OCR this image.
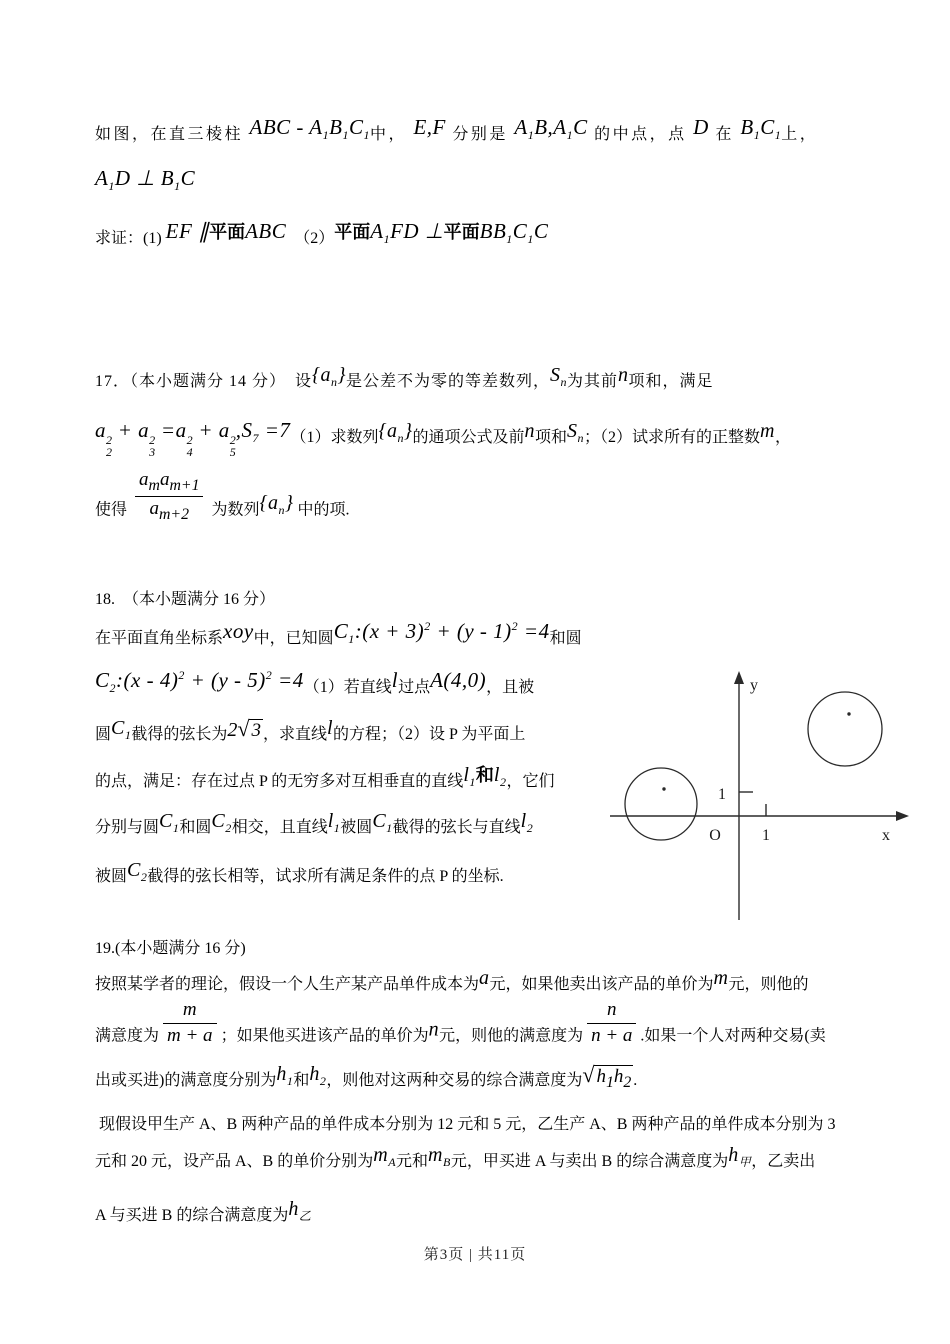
如图，在直三棱柱 ABC - $A_1B_1C_1$中， E,F 分别是 $A_1B,A_1C$ 的中点，点 D 在 $B_1C_1$上，
$A_1D$ ⊥ $B_1C$
求证：(1) EF ∥平面ABC　（2）平面$A_1FD$ ⊥平面$BB_1C_1C$
17．（本小题满分 14 分）　设$\{a_n\}$是公差不为零的等差数列，$S_n$为其前n项和，满足
a 2
2
+ a 2
3
=a 2
4
+ a 2
5
$,S_7 =7(1)$求数列$\{a_n\}$的通项公式及前n项和$S_n$；（2）试求所有的正整数m，
使得 $\frac{a_ma_{m+1}}{a_{m+2}}$ 为数列$\{a_n\}$ 中的项.
18.　（本小题满分 16 分）
在平面直角坐标系xoy中，已知圆$C_1:(x + 3)^2 + (y - 1)^2 =4$和圆
$C_2:(x - 4)^2 + (y - 5)^2 =4(1)$若直线l过点A(4,0)，且被
圆$C_1$截得的弦长为2√ 3 ，求直线l的方程；（2）设 P 为平面上
的点，满足：存在过点 P 的无穷多对互相垂直的直线$l_1$和$l_2$，它们
分别与圆$C_1$和圆$C_2$相交，且直线$l_1$被圆$C_1$截得的弦长与直线$l_2$
被圆$C_2$截得的弦长相等，试求所有满足条件的点 P 的坐标.
y
x
O	1
1
19.(本小题满分 16 分)
按照某学者的理论，假设一个人生产某产品单件成本为a元，如果他卖出该产品的单价为m元，则他的
满意度为 $\frac{m}{m + a}$ ；如果他买进该产品的单价为n元，则他的满意度为 $\frac{n}{n + a}$ .如果一个人对两种交易(卖
出或买进)的满意度分别为$h_1$和$h_2$，则他对这两种交易的综合满意度为√ $h_1h_2$ .
现假设甲生产 A、B 两种产品的单件成本分别为 12 元和 5 元，乙生产 A、B 两种产品的单件成本分别为 3
元和 20 元，设产品 A、B 的单价分别为$m_A$元和$m_B$元，甲买进 A 与卖出 B 的综合满意度为$h_甲$，乙卖出
A 与买进 B 的综合满意度为$h_乙$
第3页 | 共11页
